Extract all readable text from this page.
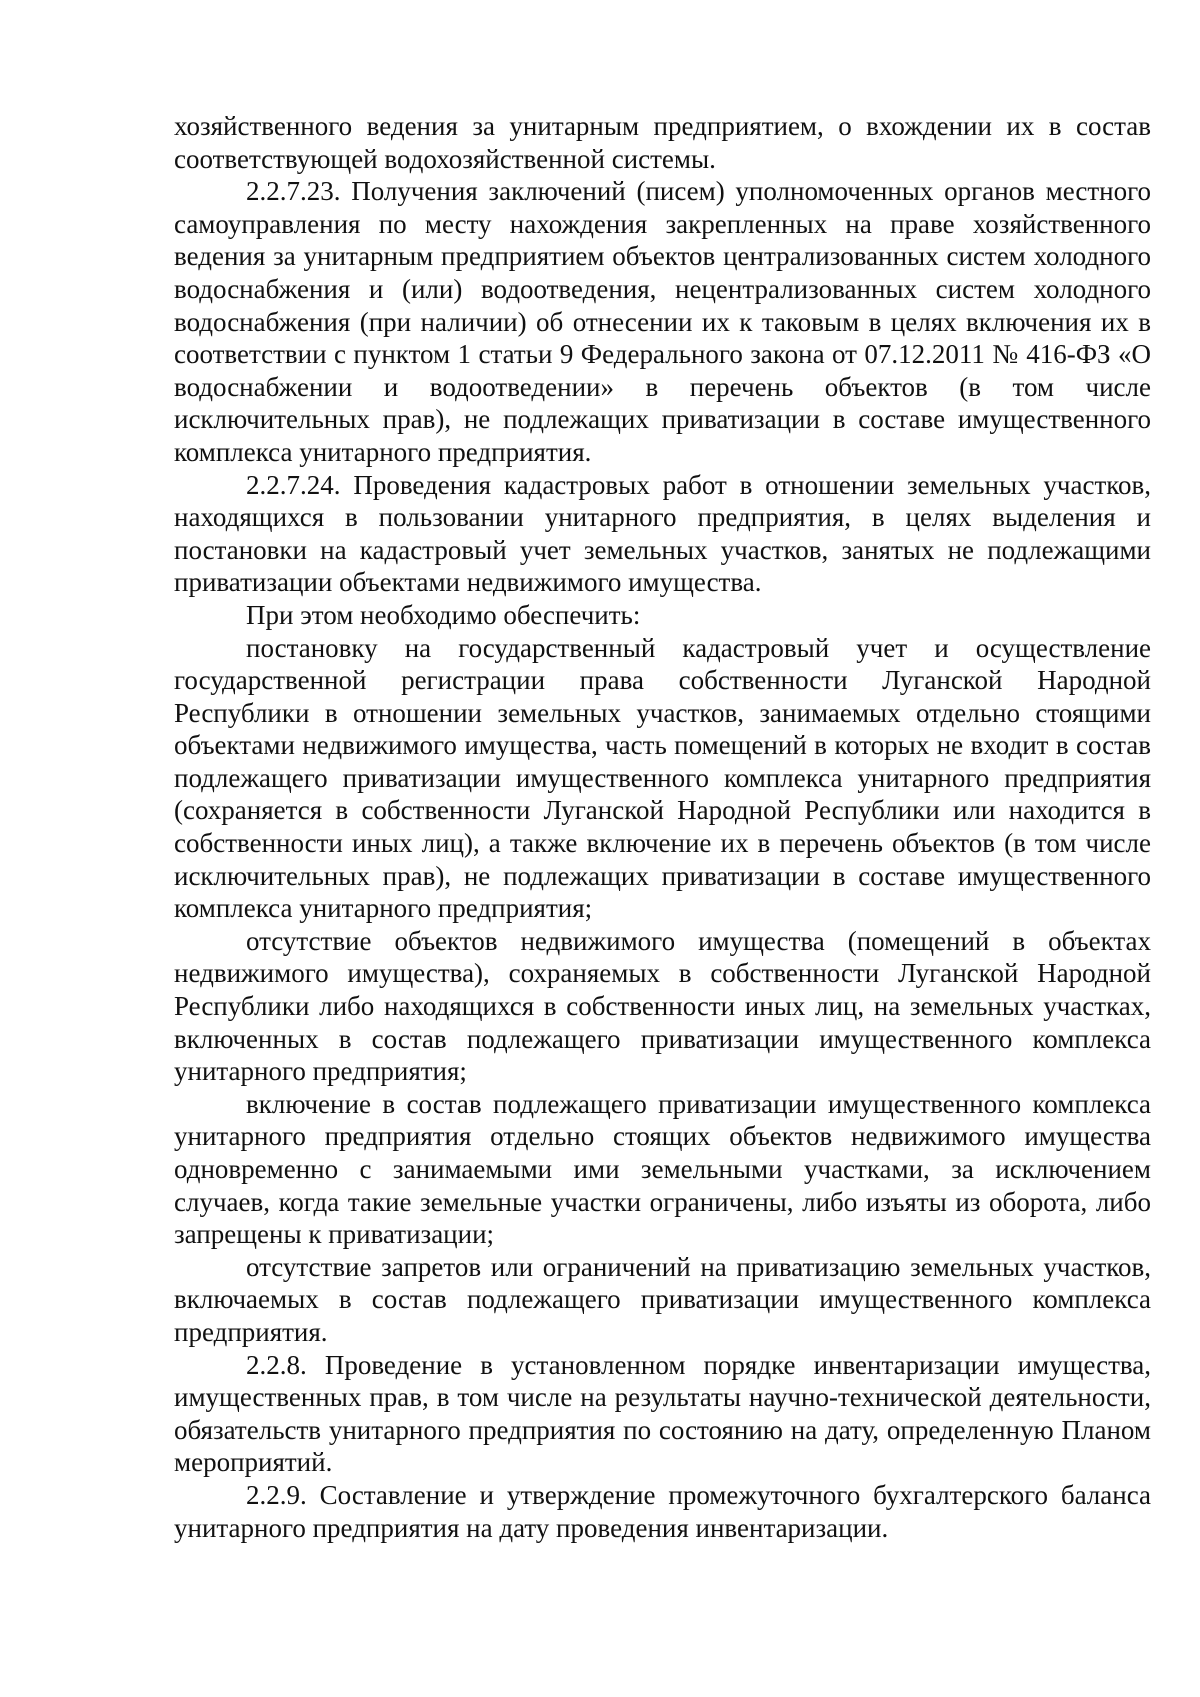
хозяйственного ведения за унитарным предприятием, о вхождении их в состав соответствующей водохозяйственной системы.

2.2.7.23. Получения заключений (писем) уполномоченных органов местного самоуправления по месту нахождения закрепленных на праве хозяйственного ведения за унитарным предприятием объектов централизованных систем холодного водоснабжения и (или) водоотведения, нецентрализованных систем холодного водоснабжения (при наличии) об отнесении их к таковым в целях включения их в соответствии с пунктом 1 статьи 9 Федерального закона от 07.12.2011 № 416-ФЗ «О водоснабжении и водоотведении» в перечень объектов (в том числе исключительных прав), не подлежащих приватизации в составе имущественного комплекса унитарного предприятия.

2.2.7.24. Проведения кадастровых работ в отношении земельных участков, находящихся в пользовании унитарного предприятия, в целях выделения и постановки на кадастровый учет земельных участков, занятых не подлежащими приватизации объектами недвижимого имущества.

При этом необходимо обеспечить:

постановку на государственный кадастровый учет и осуществление государственной регистрации права собственности Луганской Народной Республики в отношении земельных участков, занимаемых отдельно стоящими объектами недвижимого имущества, часть помещений в которых не входит в состав подлежащего приватизации имущественного комплекса унитарного предприятия (сохраняется в собственности Луганской Народной Республики или находится в собственности иных лиц), а также включение их в перечень объектов (в том числе исключительных прав), не подлежащих приватизации в составе имущественного комплекса унитарного предприятия;

отсутствие объектов недвижимого имущества (помещений в объектах недвижимого имущества), сохраняемых в собственности Луганской Народной Республики либо находящихся в собственности иных лиц, на земельных участках, включенных в состав подлежащего приватизации имущественного комплекса унитарного предприятия;

включение в состав подлежащего приватизации имущественного комплекса унитарного предприятия отдельно стоящих объектов недвижимого имущества одновременно с занимаемыми ими земельными участками, за исключением случаев, когда такие земельные участки ограничены, либо изъяты из оборота, либо запрещены к приватизации;

отсутствие запретов или ограничений на приватизацию земельных участков, включаемых в состав подлежащего приватизации имущественного комплекса предприятия.

2.2.8. Проведение в установленном порядке инвентаризации имущества, имущественных прав, в том числе на результаты научно-технической деятельности, обязательств унитарного предприятия по состоянию на дату, определенную Планом мероприятий.

2.2.9. Составление и утверждение промежуточного бухгалтерского баланса унитарного предприятия на дату проведения инвентаризации.
